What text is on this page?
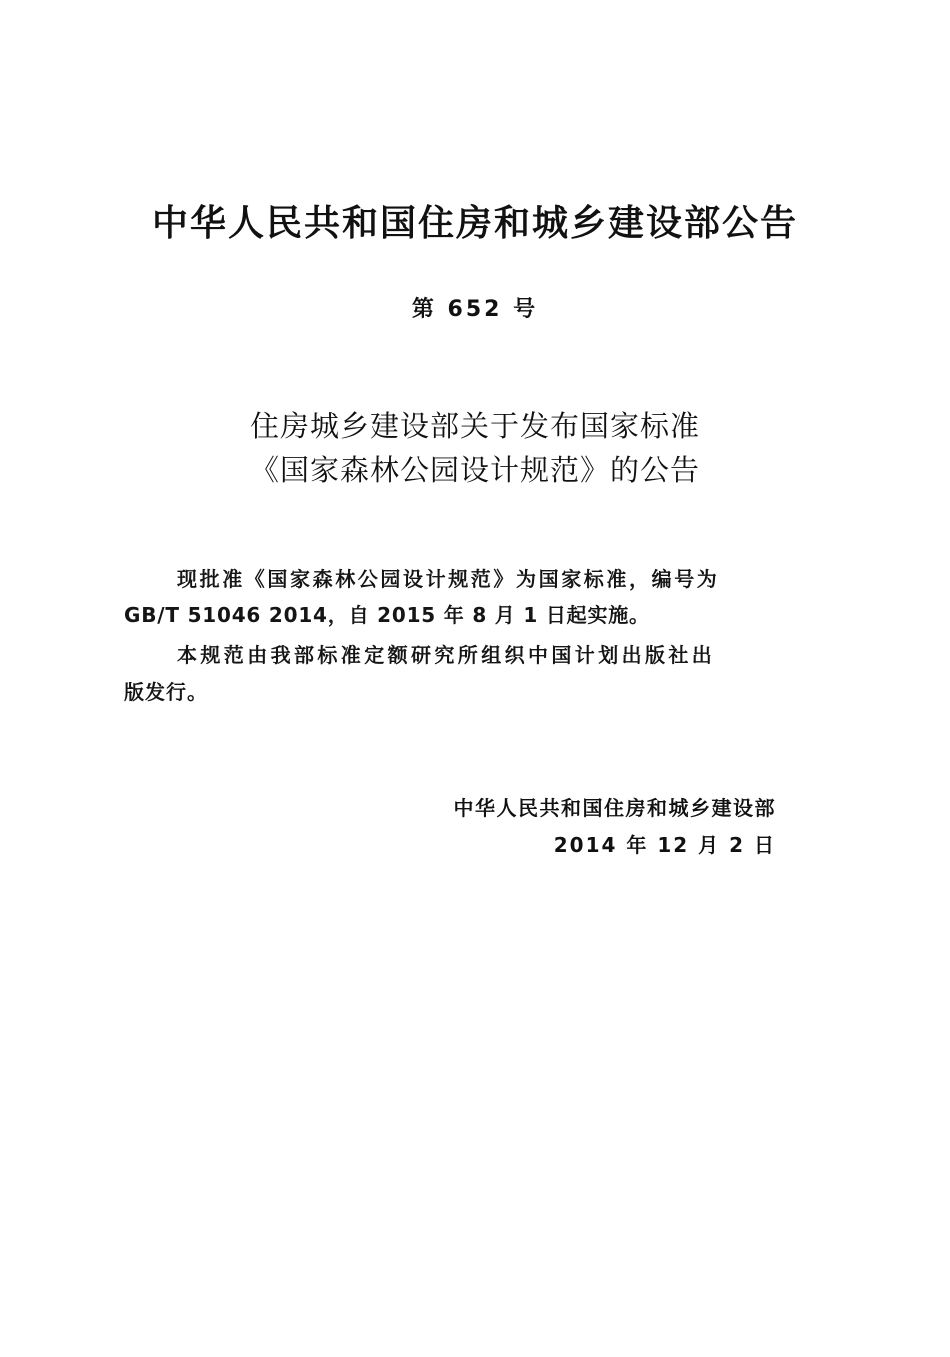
中华人民共和国住房和城乡建设部公告
第 652 号
住房城乡建设部关于发布国家标准
《国家森林公园设计规范》的公告
现批准《国家森林公园设计规范》为国家标准，编号为
GB/T 51046 2014，自 2015 年 8 月 1 日起实施。
本规范由我部标准定额研究所组织中国计划出版社出
版发行。
中华人民共和国住房和城乡建设部
2014 年 12 月 2 日
